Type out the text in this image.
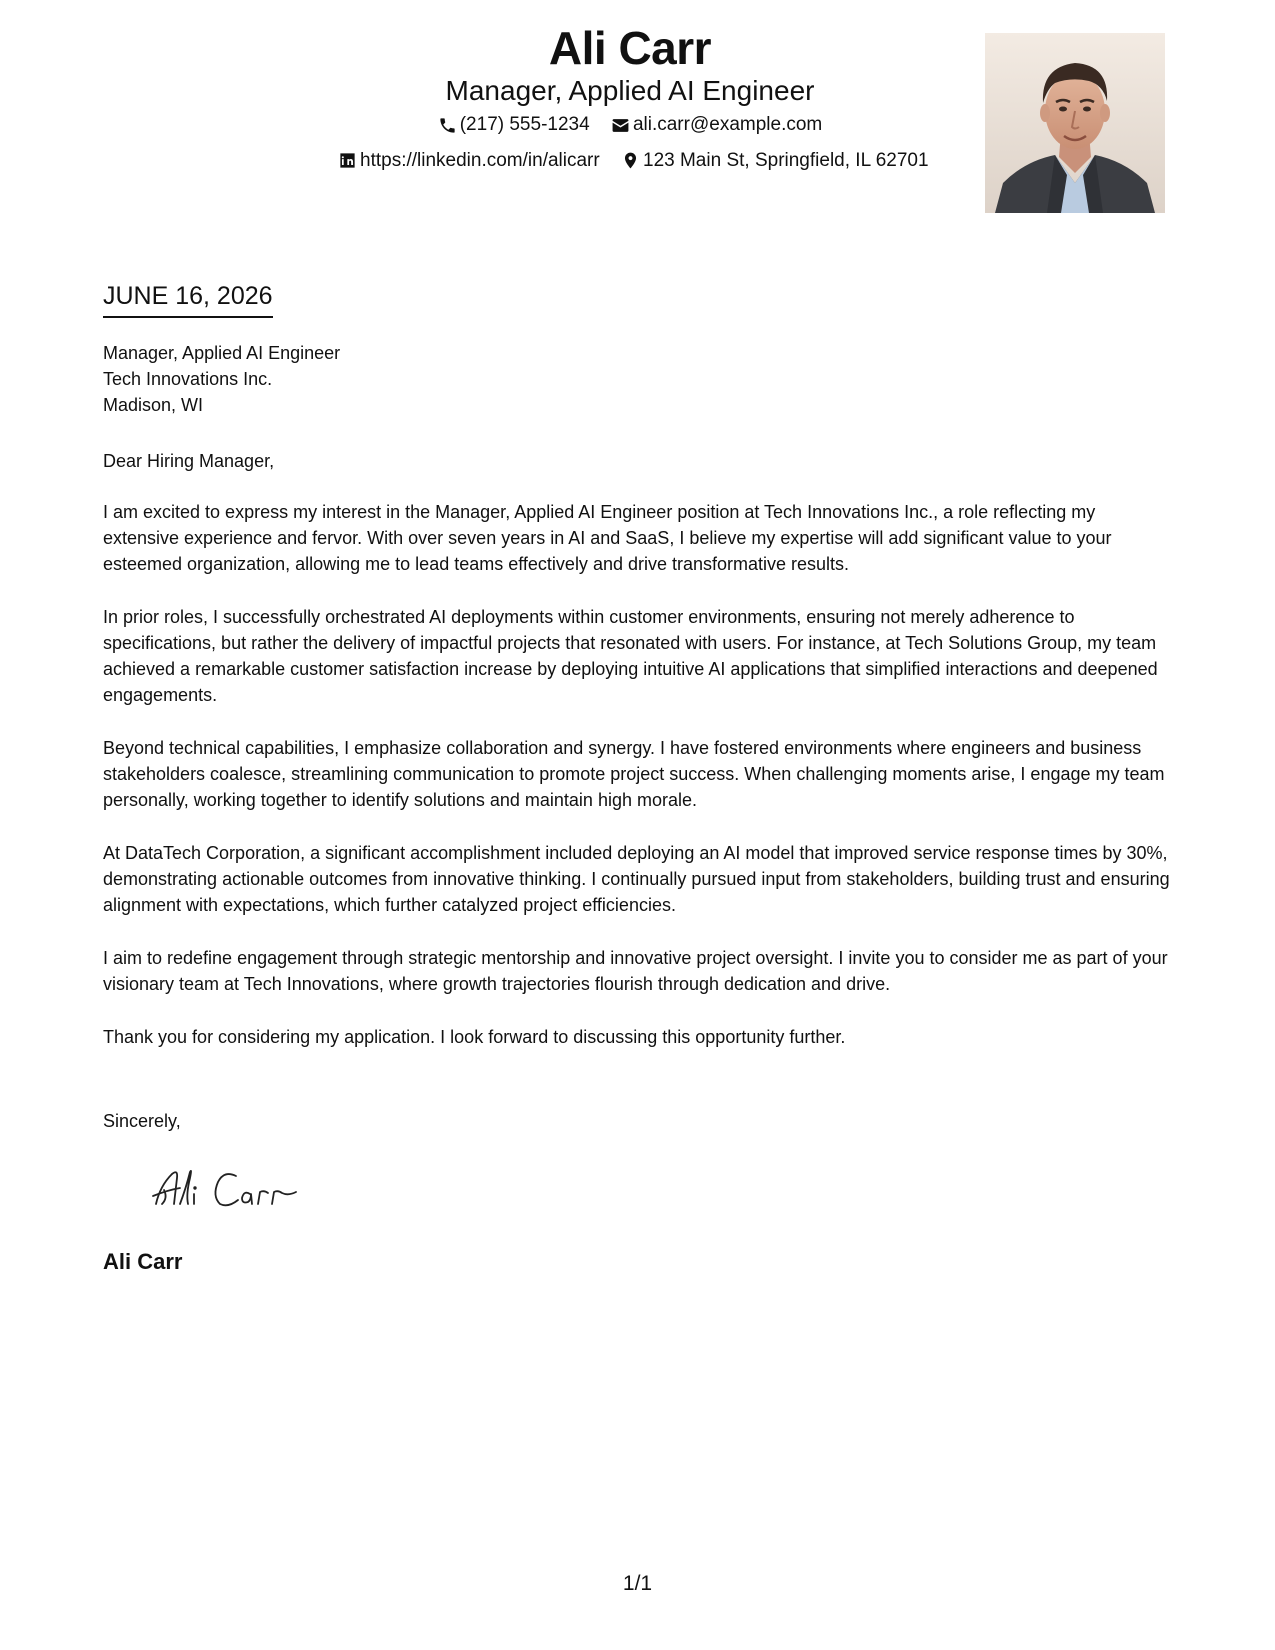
Ali Carr
Manager, Applied AI Engineer
(217) 555-1234
ali.carr@example.com
https://linkedin.com/in/alicarr
123 Main St, Springfield, IL 62701
JUNE 16, 2026
Manager, Applied AI Engineer
Tech Innovations Inc.
Madison, WI

Dear Hiring Manager,

I am excited to express my interest in the Manager, Applied AI Engineer position at Tech Innovations Inc., a role reflecting my extensive experience and fervor. With over seven years in AI and SaaS, I believe my expertise will add significant value to your esteemed organization, allowing me to lead teams effectively and drive transformative results.

In prior roles, I successfully orchestrated AI deployments within customer environments, ensuring not merely adherence to specifications, but rather the delivery of impactful projects that resonated with users. For instance, at Tech Solutions Group, my team achieved a remarkable customer satisfaction increase by deploying intuitive AI applications that simplified interactions and deepened engagements.

Beyond technical capabilities, I emphasize collaboration and synergy. I have fostered environments where engineers and business stakeholders coalesce, streamlining communication to promote project success. When challenging moments arise, I engage my team personally, working together to identify solutions and maintain high morale.

At DataTech Corporation, a significant accomplishment included deploying an AI model that improved service response times by 30%, demonstrating actionable outcomes from innovative thinking. I continually pursued input from stakeholders, building trust and ensuring alignment with expectations, which further catalyzed project efficiencies.

I aim to redefine engagement through strategic mentorship and innovative project oversight. I invite you to consider me as part of your visionary team at Tech Innovations, where growth trajectories flourish through dedication and drive.

Thank you for considering my application. I look forward to discussing this opportunity further.

Sincerely,
Ali Carr
1/1
